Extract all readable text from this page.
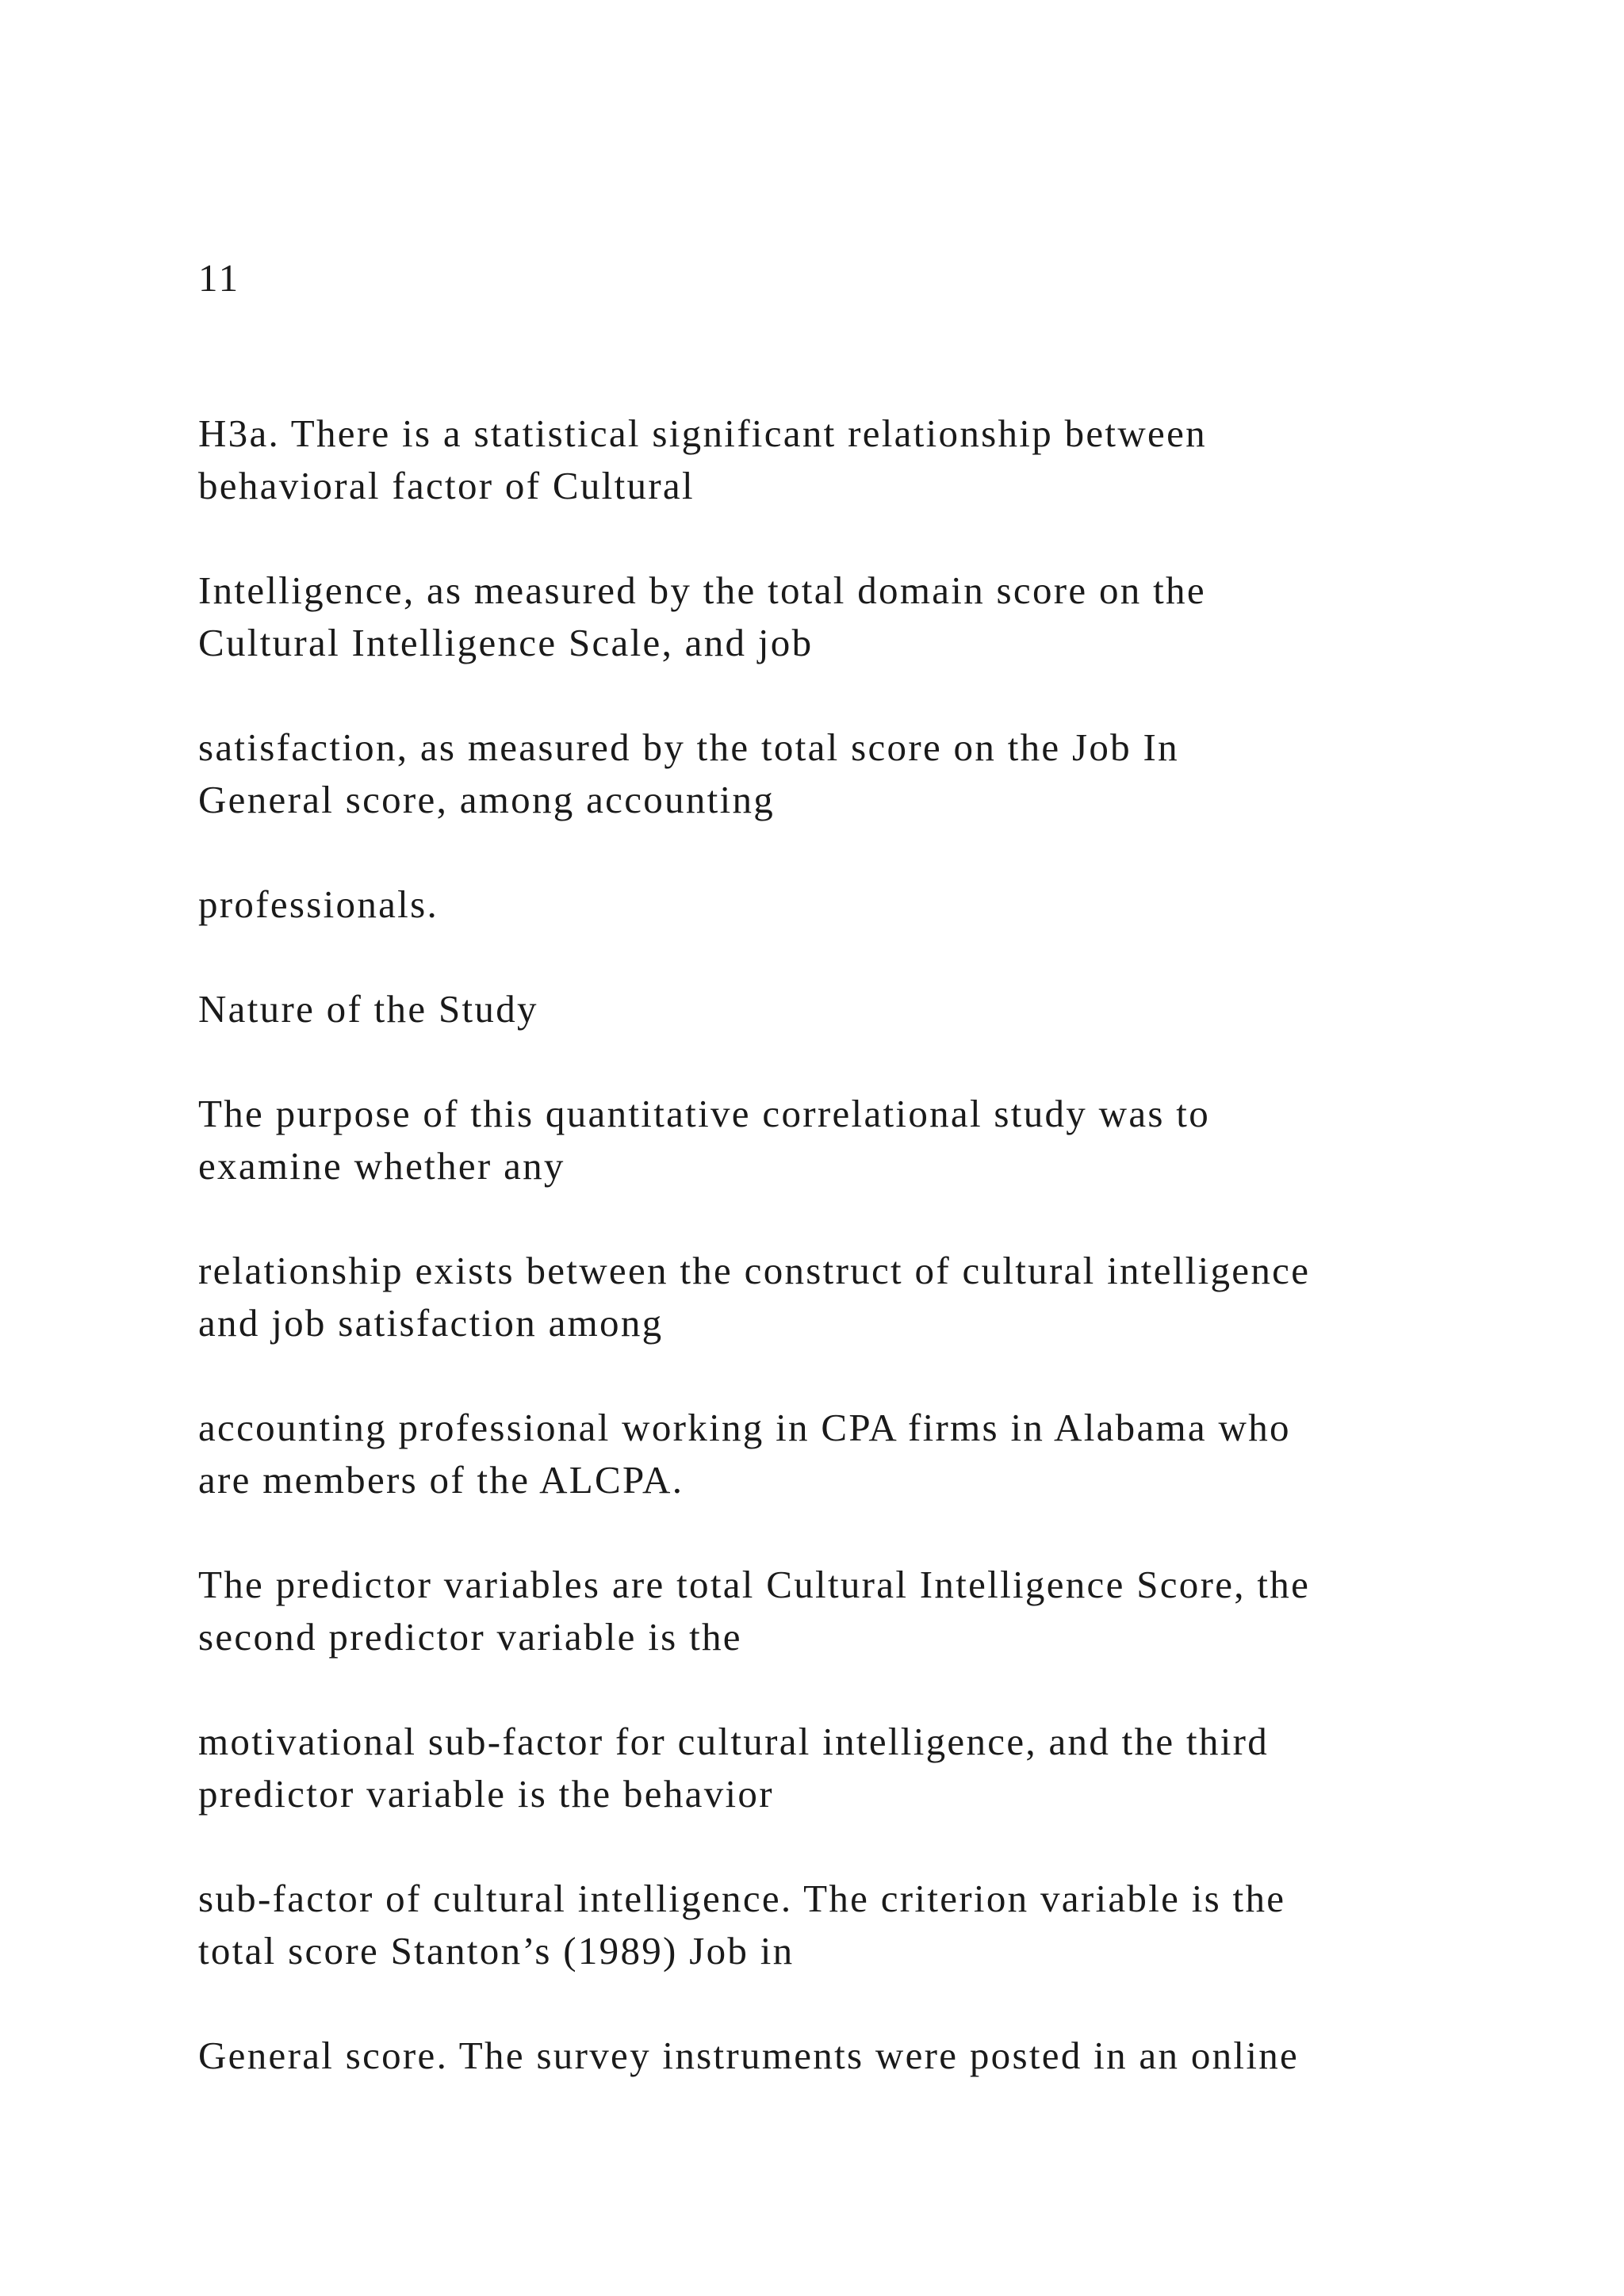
11

H3a. There is a statistical significant relationship between
behavioral factor of Cultural

Intelligence, as measured by the total domain score on the
Cultural Intelligence Scale, and job

satisfaction, as measured by the total score on the Job In
General score, among accounting

professionals.

Nature of the Study

The purpose of this quantitative correlational study was to
examine whether any

relationship exists between the construct of cultural intelligence
and job satisfaction among

accounting professional working in CPA firms in Alabama who
are members of the ALCPA.

The predictor variables are total Cultural Intelligence Score, the
second predictor variable is the

motivational sub-factor for cultural intelligence, and the third
predictor variable is the behavior

sub-factor of cultural intelligence. The criterion variable is the
total score Stanton’s (1989) Job in

General score. The survey instruments were posted in an online
